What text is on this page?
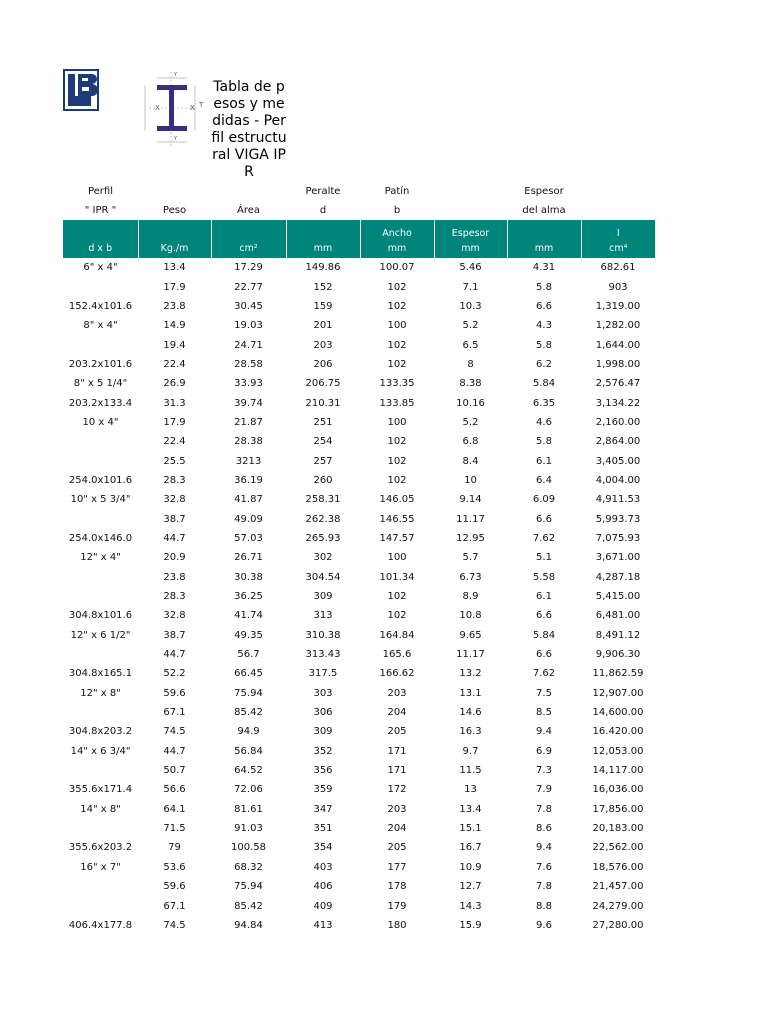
X	X
Y
Y
T
Tabla de pesos y medidas - Perfil estructural VIGA IPR
Perfil			Peralte	Patín		Espesor	
" IPR "	Peso	Área	d	b		del alma	
				Ancho	Espesor		I
d x b	Kg./m	cm²	mm	mm	mm	mm	cm⁴
6" x 4"	13.4	17.29	149.86	100.07	5.46	4.31	682.61
	17.9	22.77	152	102	7.1	5.8	903
152.4x101.6	23.8	30.45	159	102	10.3	6.6	1,319.00
8" x 4"	14.9	19.03	201	100	5.2	4.3	1,282.00
	19.4	24.71	203	102	6.5	5.8	1,644.00
203.2x101.6	22.4	28.58	206	102	8	6.2	1,998.00
8" x 5 1/4"	26.9	33.93	206.75	133.35	8.38	5.84	2,576.47
203.2x133.4	31.3	39.74	210.31	133.85	10.16	6.35	3,134.22
10 x 4"	17.9	21.87	251	100	5.2	4.6	2,160.00
	22.4	28.38	254	102	6.8	5.8	2,864.00
	25.5	3213	257	102	8.4	6.1	3,405.00
254.0x101.6	28.3	36.19	260	102	10	6.4	4,004.00
10" x 5 3/4"	32.8	41.87	258.31	146.05	9.14	6.09	4,911.53
	38.7	49.09	262.38	146.55	11.17	6.6	5,993.73
254.0x146.0	44.7	57.03	265.93	147.57	12.95	7.62	7,075.93
12" x 4"	20.9	26.71	302	100	5.7	5.1	3,671.00
	23.8	30.38	304.54	101.34	6.73	5.58	4,287.18
	28.3	36.25	309	102	8.9	6.1	5,415.00
304.8x101.6	32.8	41.74	313	102	10.8	6.6	6,481.00
12" x 6 1/2"	38.7	49.35	310.38	164.84	9.65	5.84	8,491.12
	44.7	56.7	313.43	165.6	11.17	6.6	9,906.30
304.8x165.1	52.2	66.45	317.5	166.62	13.2	7.62	11,862.59
12" x 8"	59.6	75.94	303	203	13.1	7.5	12,907.00
	67.1	85.42	306	204	14.6	8.5	14,600.00
304.8x203.2	74.5	94.9	309	205	16.3	9.4	16.420.00
14" x 6 3/4"	44.7	56.84	352	171	9.7	6.9	12,053.00
	50.7	64.52	356	171	11.5	7.3	14,117.00
355.6x171.4	56.6	72.06	359	172	13	7.9	16,036.00
14" x 8"	64.1	81.61	347	203	13.4	7.8	17,856.00
	71.5	91.03	351	204	15.1	8.6	20,183.00
355.6x203.2	79	100.58	354	205	16.7	9.4	22,562.00
16" x 7"	53.6	68.32	403	177	10.9	7.6	18,576.00
	59.6	75.94	406	178	12.7	7.8	21,457.00
	67.1	85.42	409	179	14.3	8.8	24,279.00
406.4x177.8	74.5	94.84	413	180	15.9	9.6	27,280.00
